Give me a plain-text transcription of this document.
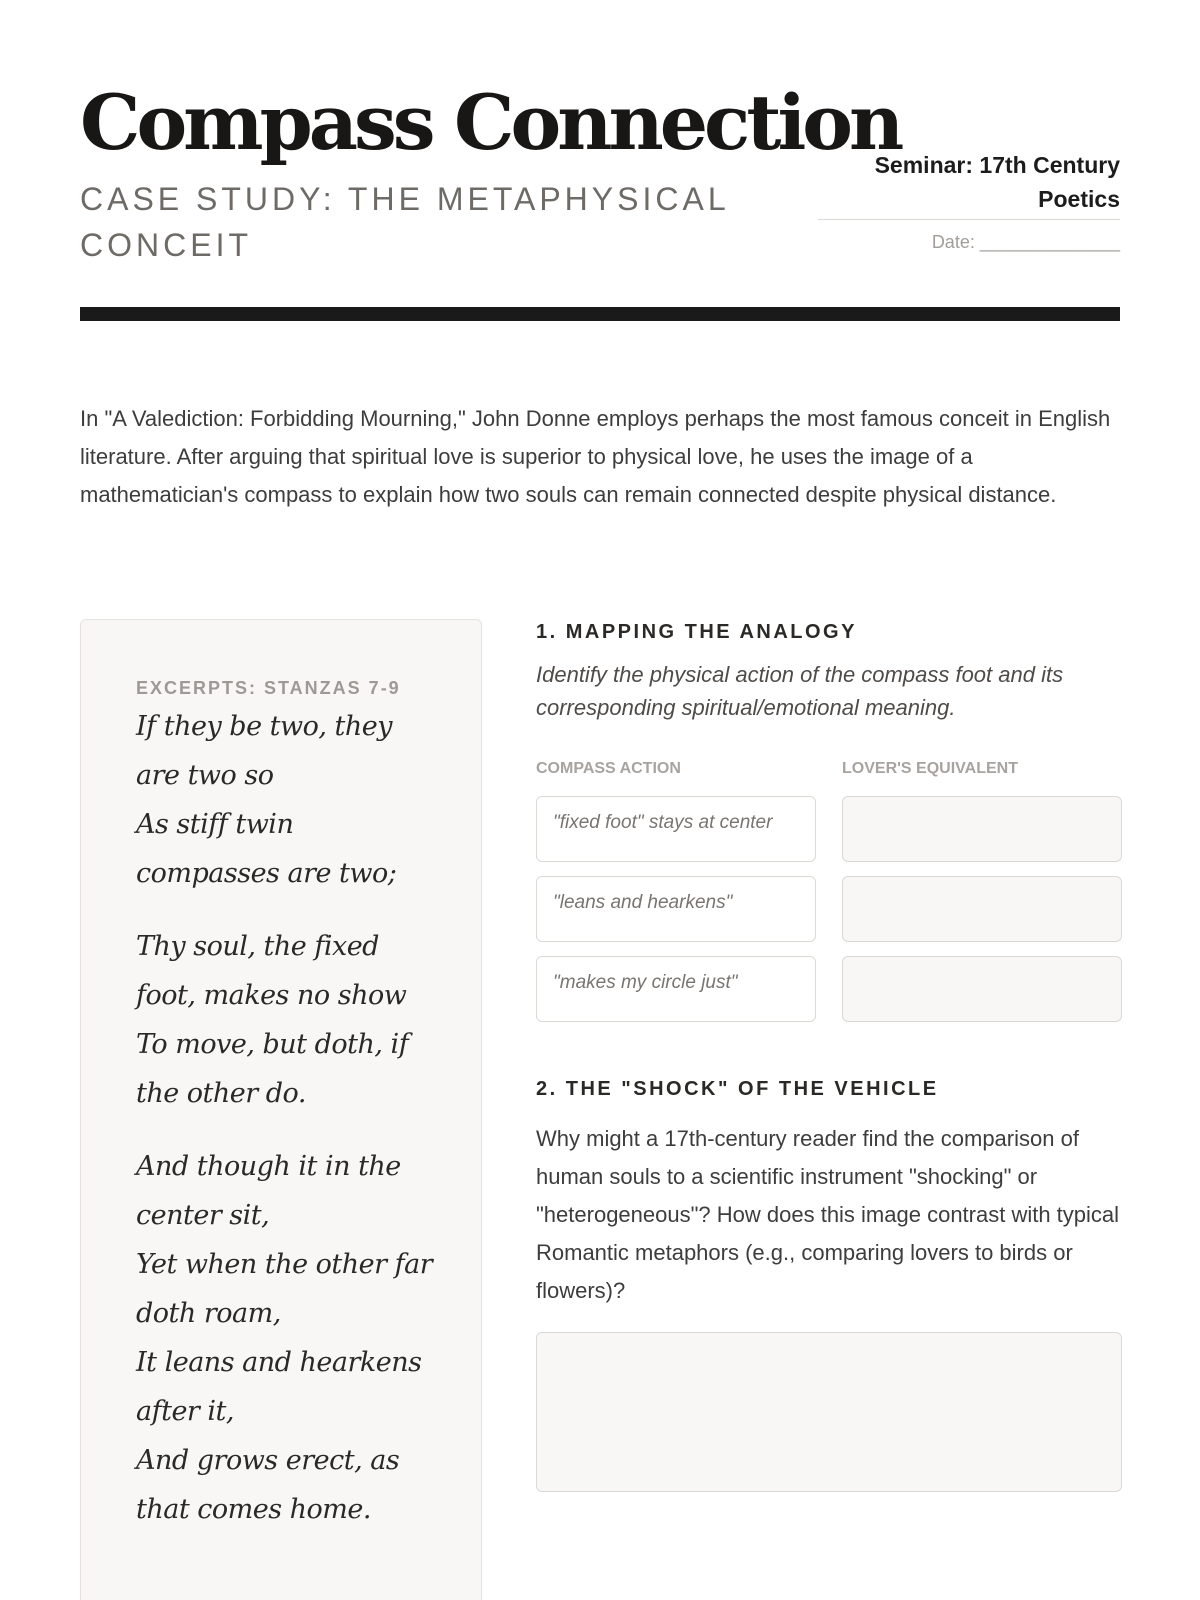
Compass Connection
CASE STUDY: THE METAPHYSICAL CONCEIT
Seminar: 17th Century Poetics
Date: ______________

In "A Valediction: Forbidding Mourning," John Donne employs perhaps the most famous conceit in English literature. After arguing that spiritual love is superior to physical love, he uses the image of a mathematician's compass to explain how two souls can remain connected despite physical distance.

EXCERPTS: STANZAS 7-9
If they be two, they are two so
As stiff twin compasses are two;
Thy soul, the fixed foot, makes no show
To move, but doth, if the other do.
And though it in the center sit,
Yet when the other far doth roam,
It leans and hearkens after it,
And grows erect, as that comes home.
1. MAPPING THE ANALOGY
Identify the physical action of the compass foot and its corresponding spiritual/emotional meaning.
COMPASS ACTION	LOVER'S EQUIVALENT
"fixed foot" stays at center
"leans and hearkens"
"makes my circle just"
2. THE "SHOCK" OF THE VEHICLE

Why might a 17th-century reader find the comparison of human souls to a scientific instrument "shocking" or "heterogeneous"? How does this image contrast with typical Romantic metaphors (e.g., comparing lovers to birds or flowers)?
